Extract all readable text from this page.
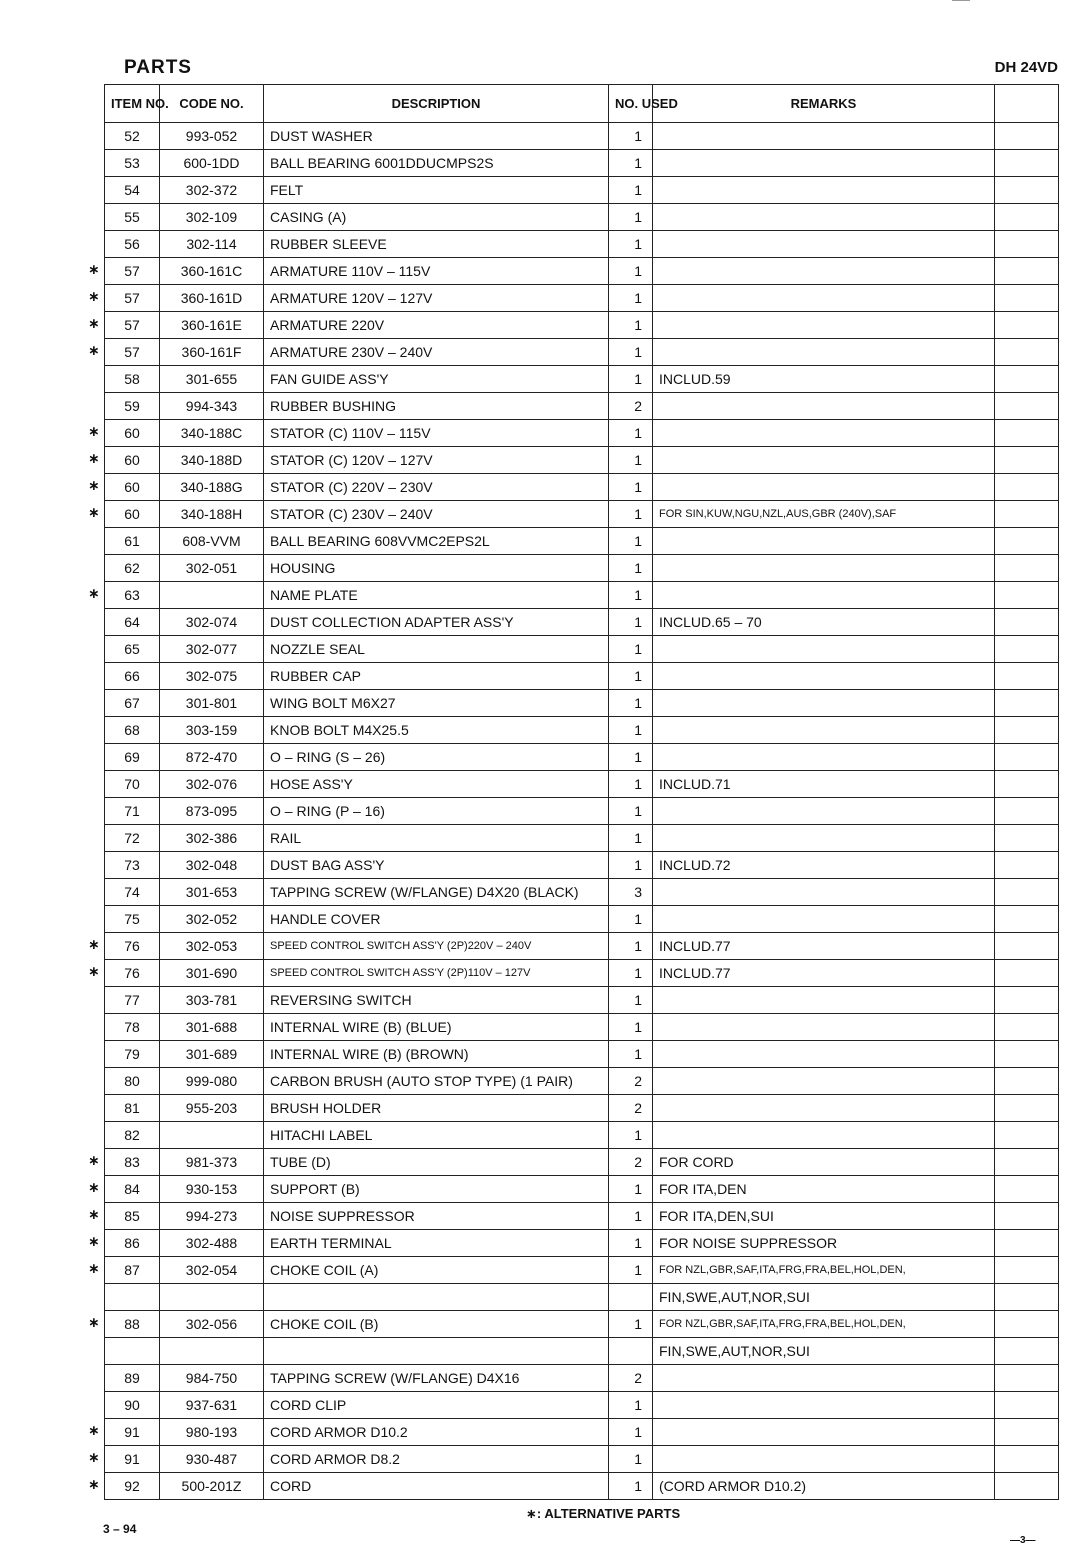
PARTS	DH 24VD
ITEM NO.	CODE NO.	DESCRIPTION	NO. USED	REMARKS	
52	993-052	DUST WASHER	1		
53	600-1DD	BALL BEARING 6001DDUCMPS2S	1		
54	302-372	FELT	1		
55	302-109	CASING (A)	1		
56	302-114	RUBBER SLEEVE	1		
57	360-161C	ARMATURE 110V – 115V	1		
57	360-161D	ARMATURE 120V – 127V	1		
57	360-161E	ARMATURE 220V	1		
57	360-161F	ARMATURE 230V – 240V	1		
58	301-655	FAN GUIDE ASS'Y	1	INCLUD.59	
59	994-343	RUBBER BUSHING	2		
60	340-188C	STATOR (C) 110V – 115V	1		
60	340-188D	STATOR (C) 120V – 127V	1		
60	340-188G	STATOR (C) 220V – 230V	1		
60	340-188H	STATOR (C) 230V – 240V	1	FOR SIN,KUW,NGU,NZL,AUS,GBR (240V),SAF	
61	608-VVM	BALL BEARING 608VVMC2EPS2L	1		
62	302-051	HOUSING	1		
63		NAME PLATE	1		
64	302-074	DUST COLLECTION ADAPTER ASS'Y	1	INCLUD.65 – 70	
65	302-077	NOZZLE SEAL	1		
66	302-075	RUBBER CAP	1		
67	301-801	WING BOLT M6X27	1		
68	303-159	KNOB BOLT M4X25.5	1		
69	872-470	O – RING (S – 26)	1		
70	302-076	HOSE ASS'Y	1	INCLUD.71	
71	873-095	O – RING (P – 16)	1		
72	302-386	RAIL	1		
73	302-048	DUST BAG ASS'Y	1	INCLUD.72	
74	301-653	TAPPING SCREW (W/FLANGE) D4X20 (BLACK)	3		
75	302-052	HANDLE COVER	1		
76	302-053	SPEED CONTROL SWITCH ASS'Y (2P)220V – 240V	1	INCLUD.77	
76	301-690	SPEED CONTROL SWITCH ASS'Y (2P)110V – 127V	1	INCLUD.77	
77	303-781	REVERSING SWITCH	1		
78	301-688	INTERNAL WIRE (B) (BLUE)	1		
79	301-689	INTERNAL WIRE (B) (BROWN)	1		
80	999-080	CARBON BRUSH (AUTO STOP TYPE) (1 PAIR)	2		
81	955-203	BRUSH HOLDER	2		
82		HITACHI LABEL	1		
83	981-373	TUBE (D)	2	FOR CORD	
84	930-153	SUPPORT (B)	1	FOR ITA,DEN	
85	994-273	NOISE SUPPRESSOR	1	FOR ITA,DEN,SUI	
86	302-488	EARTH TERMINAL	1	FOR NOISE SUPPRESSOR	
87	302-054	CHOKE COIL (A)	1	FOR NZL,GBR,SAF,ITA,FRG,FRA,BEL,HOL,DEN,	
				FIN,SWE,AUT,NOR,SUI	
88	302-056	CHOKE COIL (B)	1	FOR NZL,GBR,SAF,ITA,FRG,FRA,BEL,HOL,DEN,	
				FIN,SWE,AUT,NOR,SUI	
89	984-750	TAPPING SCREW (W/FLANGE) D4X16	2		
90	937-631	CORD CLIP	1		
91	980-193	CORD ARMOR D10.2	1		
91	930-487	CORD ARMOR D8.2	1		
92	500-201Z	CORD	1	(CORD ARMOR D10.2)	
∗
∗
∗
∗
∗
∗
∗
∗
∗
∗
∗
∗
∗
∗
∗
∗
∗
∗
∗
∗
∗: ALTERNATIVE PARTS
3 – 94
—3—
